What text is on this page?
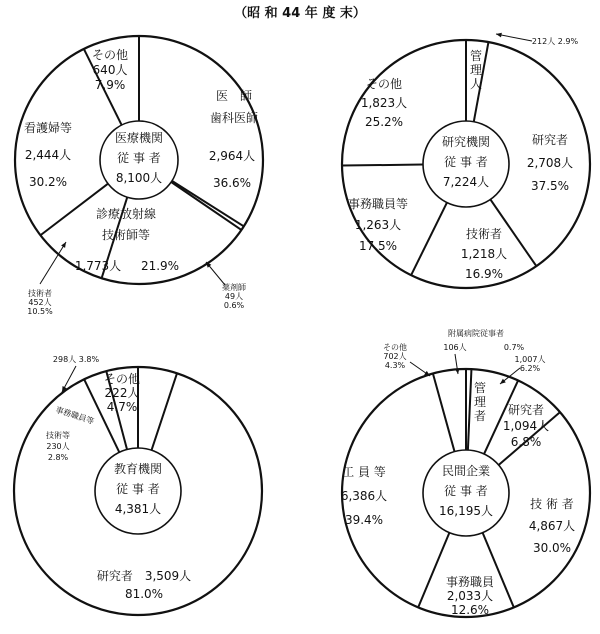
（昭 和 44 年 度 末）
医療機関
従 事 者
8,100人
医　師
歯科医師
2,964人
36.6%
看護婦等
2,444人
30.2%
その他
640人
7.9%
診療放射線
技術師等
1,773人 21.9%
技術者
452人
10.5%
薬剤師
49人
0.6%
研究機関
従 事 者
7,224人
212人 2.9%
管
理
人
研究者
2,708人
37.5%
技術者
1,218人
16.9%
事務職員等
1,263人
17.5%
その他
1,823人
25.2%
教育機関
従 事 者
4,381人
その他
222人
4.7%
研究者　3,509人
81.0%
技術等
230人
2.8%
298人 3.8%
事務職員等
民間企業
従 事 者
16,195人
附属病院従事者
106人	0.7%
その他
702人
4.3%
1,007人
6.2%
管
理
者 研究者
1,094人
6.8%
技 術 者
4,867人
30.0%
事務職員
2,033人
12.6%
工 員 等
6,386人
39.4%
